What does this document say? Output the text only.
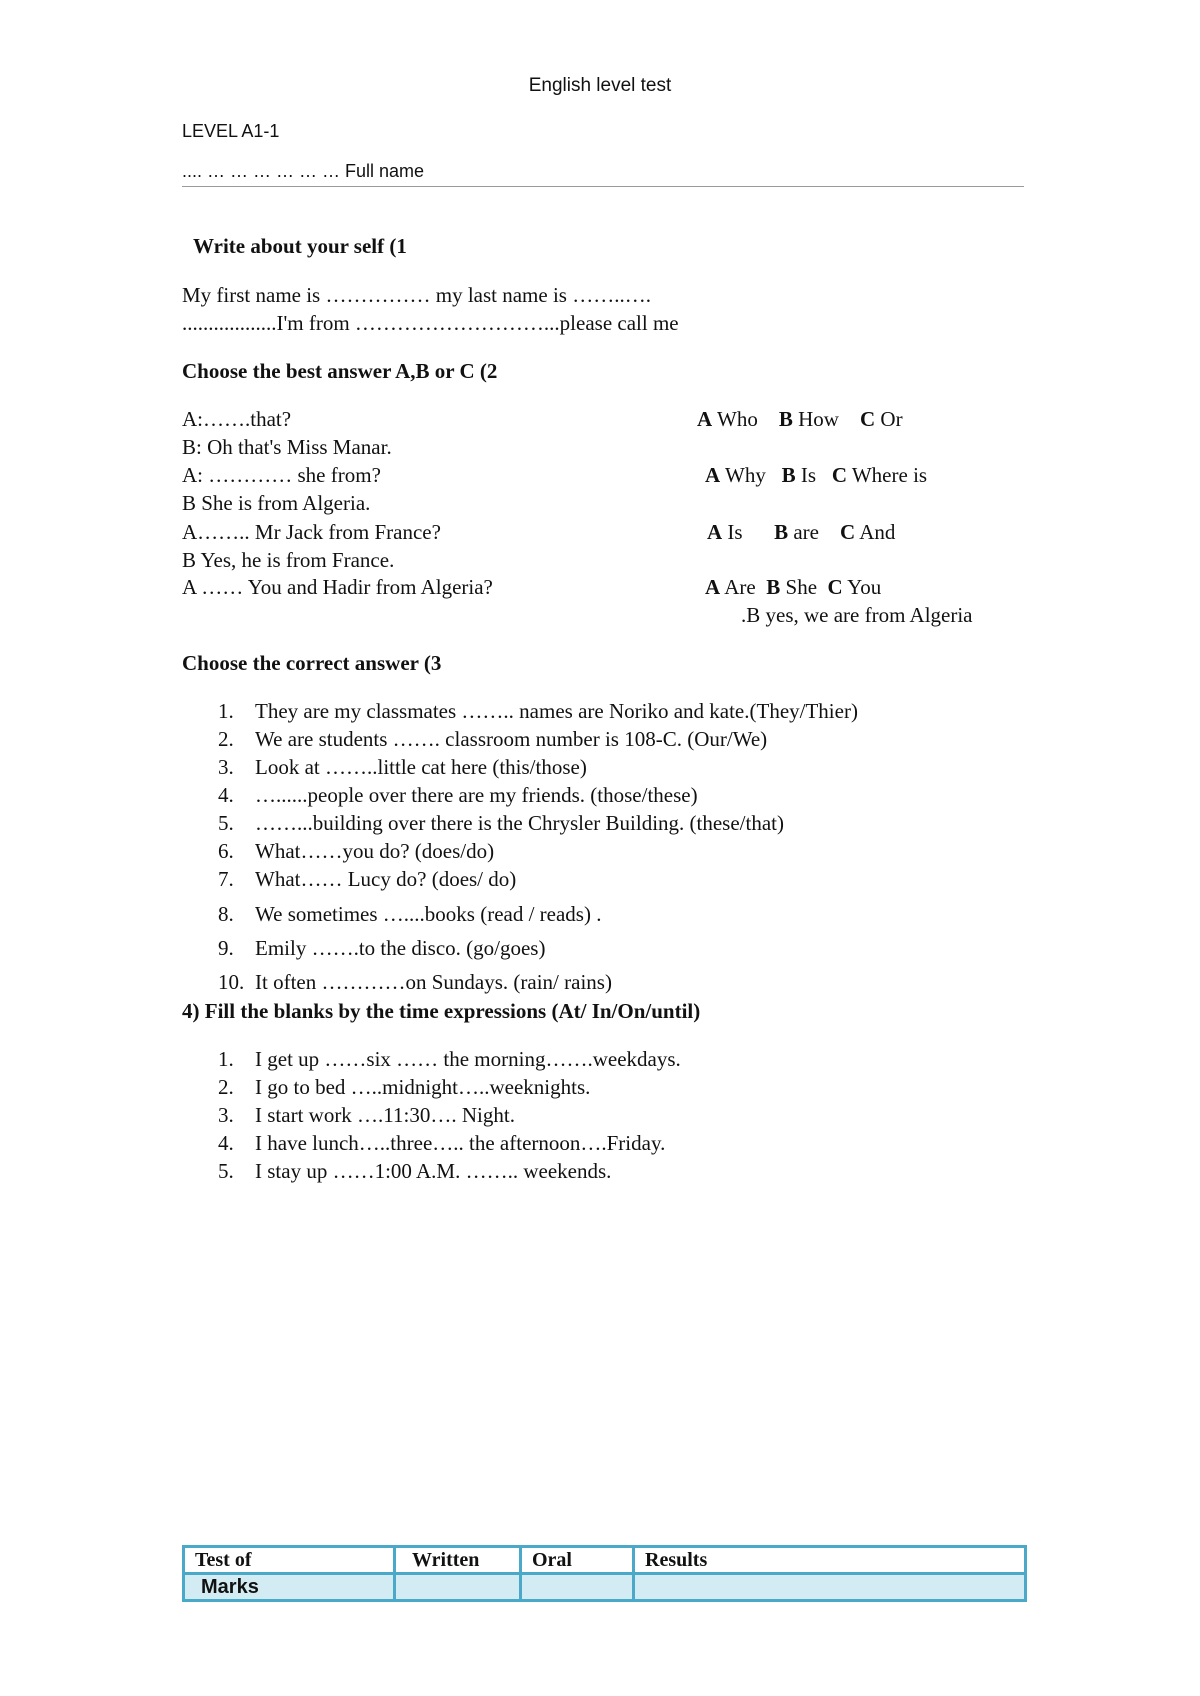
English level test
LEVEL A1-1
.... … … … … … … Full name
Write about your self (1
My first name is …………… my last name is ……..….
..................I'm from ………………………...please call me
Choose the best answer A,B or C (2
A:…….that?	A Who B How C Or
B: Oh that's Miss Manar.
A: ………… she from?	A Why B Is C Where is
B She is from Algeria.
A…….. Mr Jack from France?	A Is B are C And
B Yes, he is from France.
A …… You and Hadir from Algeria?	A Are B She C You
.B yes, we are from Algeria
Choose the correct answer (3
1.	They are my classmates …….. names are Noriko and kate.(They/Thier)
2.	We are students ……. classroom number is 108-C. (Our/We)
3.	Look at ……..little cat here (this/those)
4.	…......people over there are my friends. (those/these)
5.	……...building over there is the Chrysler Building. (these/that)
6.	What……you do? (does/do)
7.	What…… Lucy do? (does/ do)
8.	We sometimes …....books (read / reads) .
9.	Emily …….to the disco. (go/goes)
10. It often …………on Sundays. (rain/ rains)
4) Fill the blanks by the time expressions (At/ In/On/until)
1.	I get up ……six …… the morning…….weekdays.
2.	I go to bed …..midnight…..weeknights.
3.	I start work ….11:30…. Night.
4.	I have lunch…..three….. the afternoon….Friday.
5.	I stay up ……1:00 A.M. …….. weekends.
Test of	Written	Oral	Results
Marks			
